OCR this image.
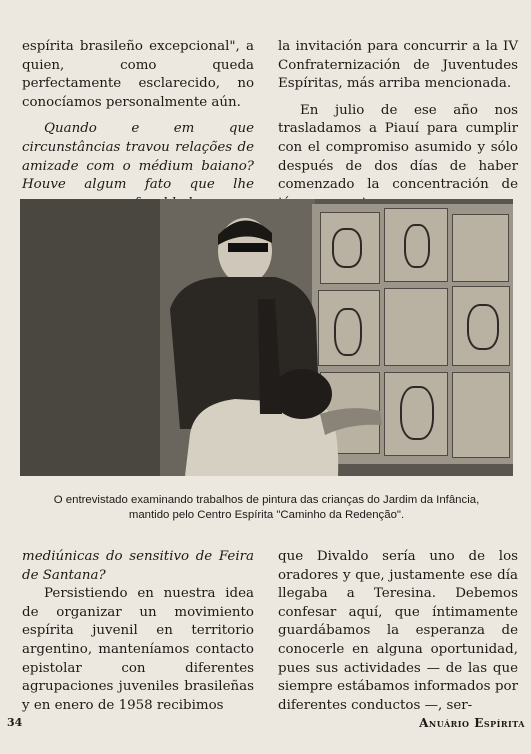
espírita brasileño excepcional", a quien, como queda perfectamente esclarecido, no conocíamos personalmente aún.

Quando e em que circunstâncias travou relações de amizade com o médium baiano? Houve algum fato que lhe

la invitación para concurrir a la IV Confraternización de Juventudes Espíritas, más arriba mencionada.

En julio de ese año nos trasladamos a Piauí para cumplir con el compromiso asumido y sólo después de dos días de haber comenzado la concentración de

O entrevistado examinando trabalhos de pintura das crianças do Jardim da Infância,
mantido pelo Centro Espírita "Caminho da Redenção".

mediúnicas do sensitivo de Feira de Santana?

Persistiendo en nuestra idea de organizar un movimiento espírita juvenil en territorio argentino, manteníamos contacto epistolar con diferentes agrupaciones juveniles brasileñas y en enero de 1958 recibimos

que Divaldo sería uno de los oradores y que, justamente ese día llegaba a Teresina. Debemos confesar aquí, que íntimamente guardábamos la esperanza de conocerle en alguna oportunidad, pues sus actividades — de las que siempre estábamos informados por diferentes conductos —, ser-

34	Anuário Espírita
